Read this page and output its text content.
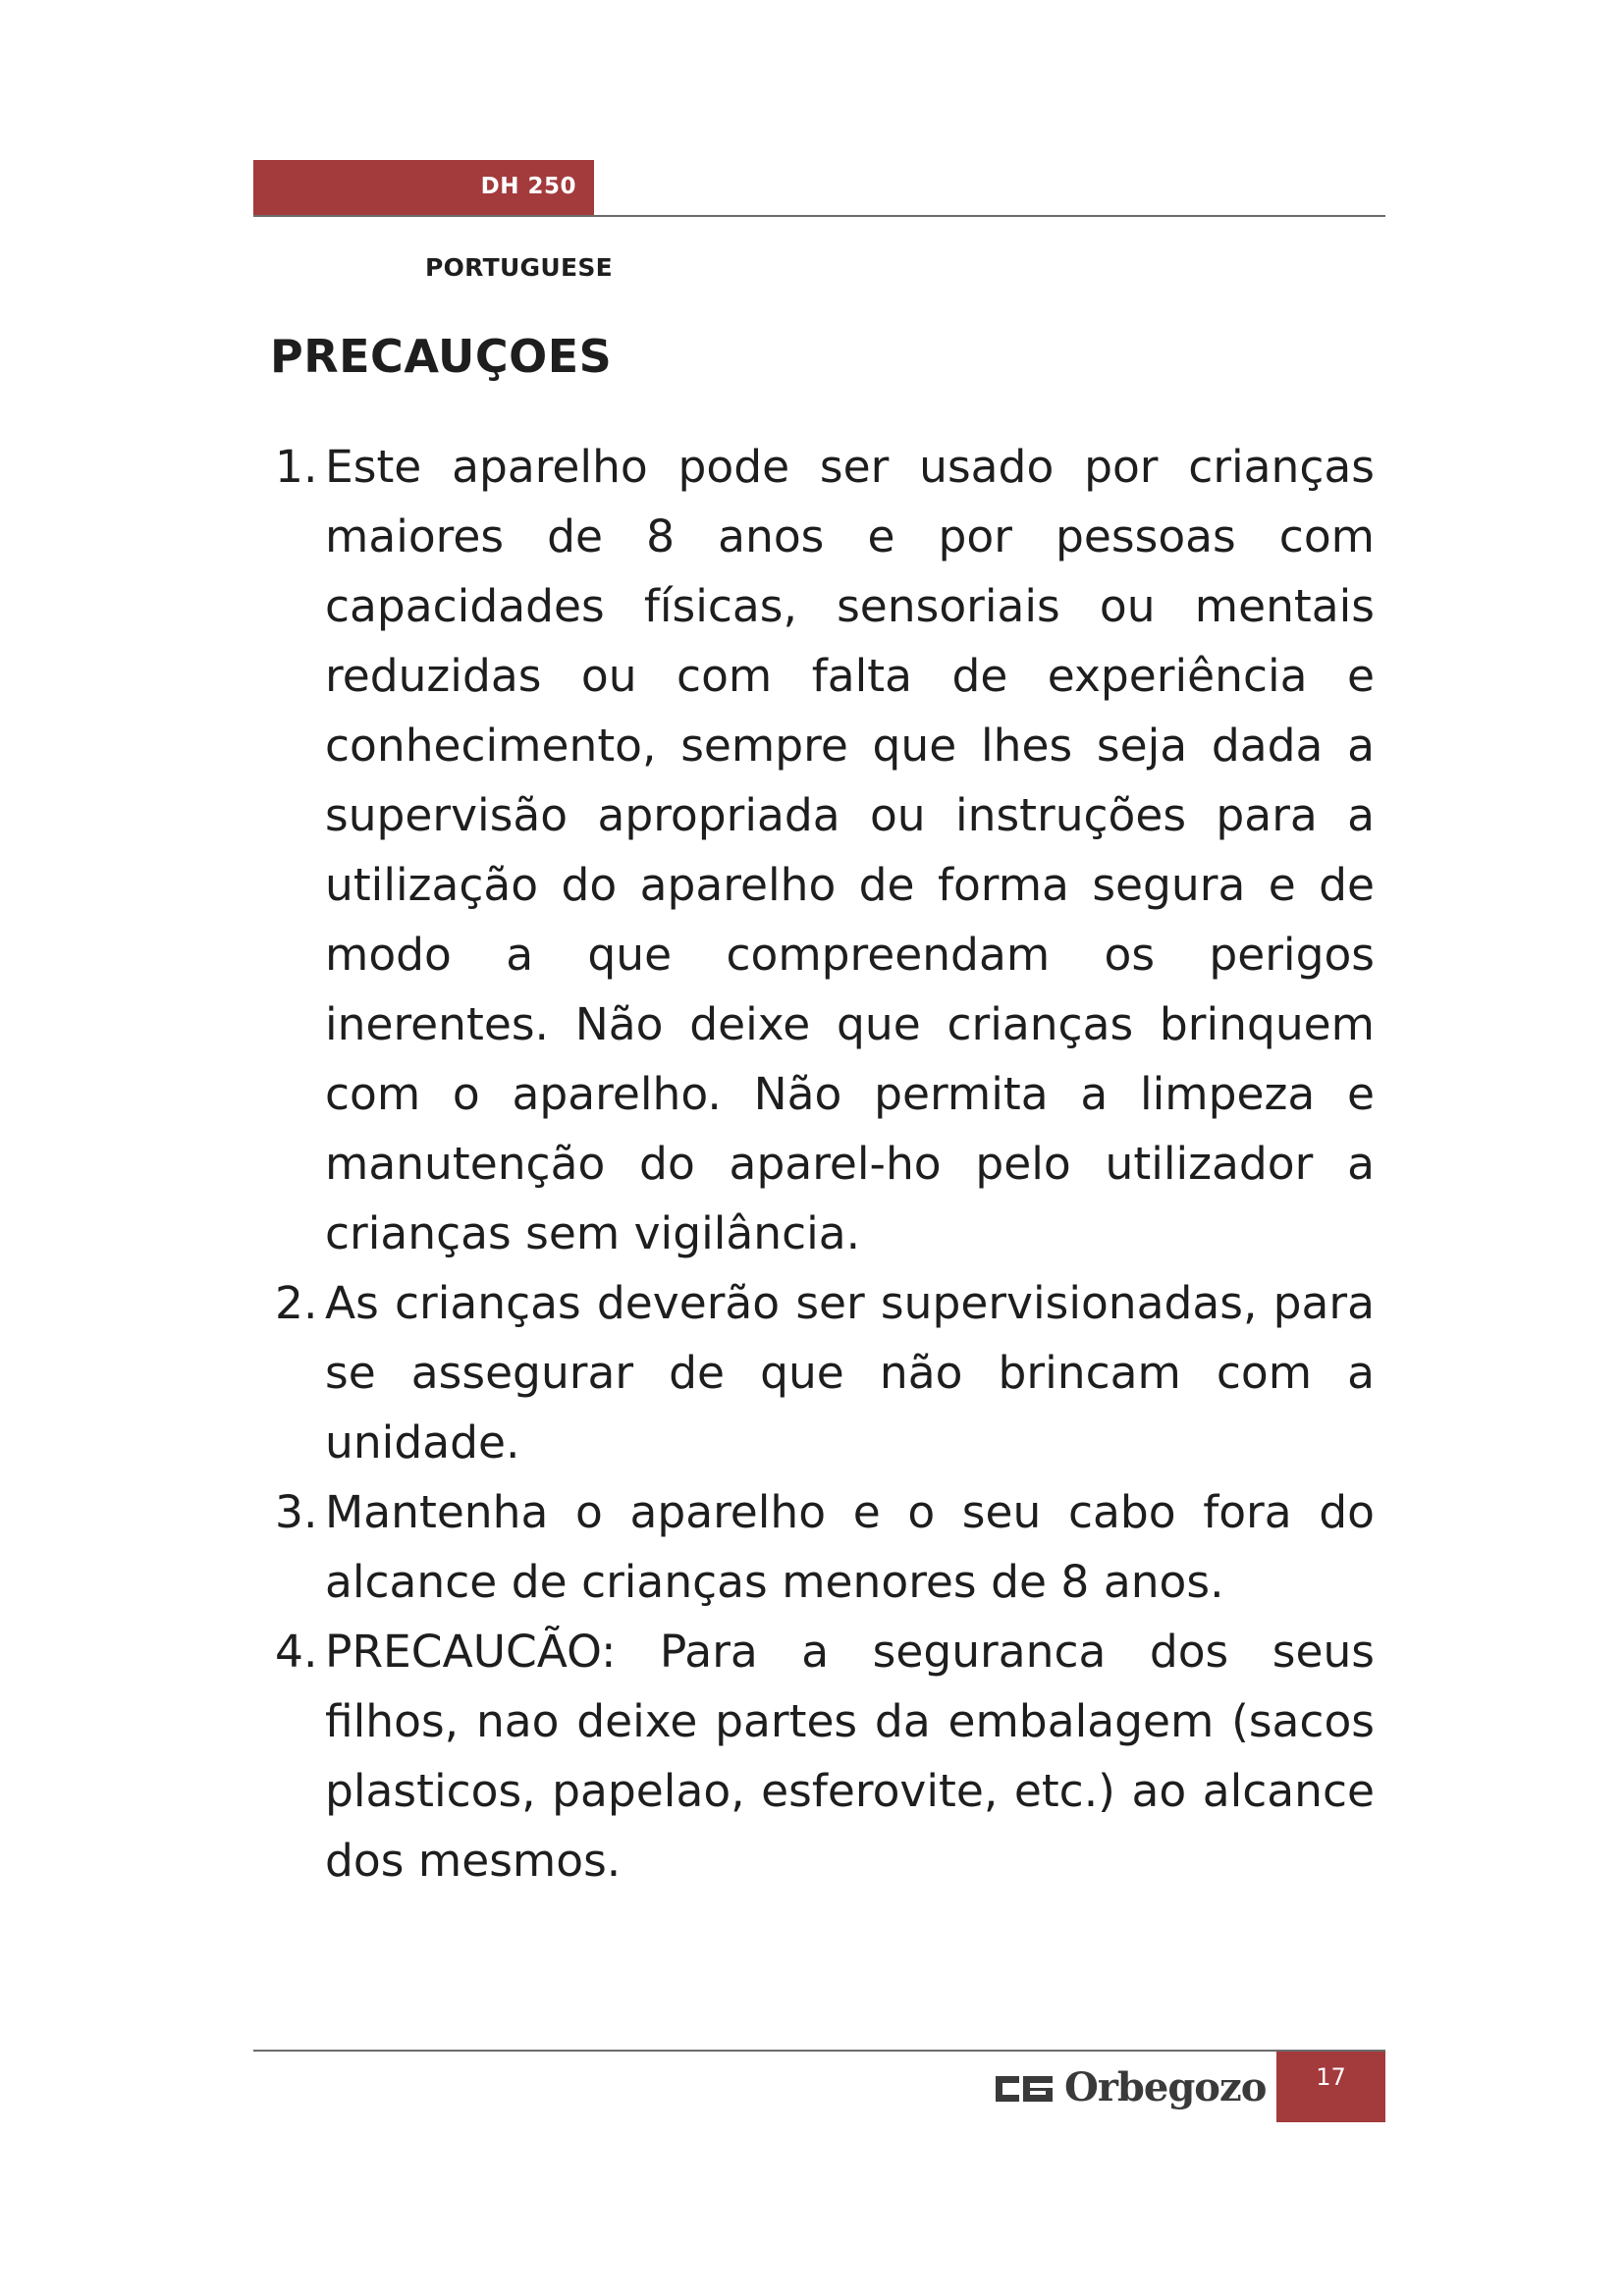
DH 250
PORTUGUESE
PRECAUÇOES
1. Este aparelho pode ser usado por crianças maiores de 8 anos e por pessoas com capacidades físicas, sensoriais ou mentais reduzidas ou com falta de experiência e conhecimento, sempre que lhes seja dada a supervisão apropriada ou instruções para a utilização do aparelho de forma segura e de modo a que compreendam os perigos inerentes. Não deixe que crianças brinquem com o aparelho. Não permita a limpeza e manutenção do aparel-ho pelo utilizador a crianças sem vigilância.
2. As crianças deverão ser supervisionadas, para se assegurar de que não brincam com a unidade.
3. Mantenha o aparelho e o seu cabo fora do alcance de crianças menores de 8 anos.
4. PRECAUCÃO: Para a seguranca dos seus filhos, nao deixe partes da embalagem (sacos plasticos, papelao, esferovite, etc.) ao alcance dos mesmos.
Orbegozo	17
